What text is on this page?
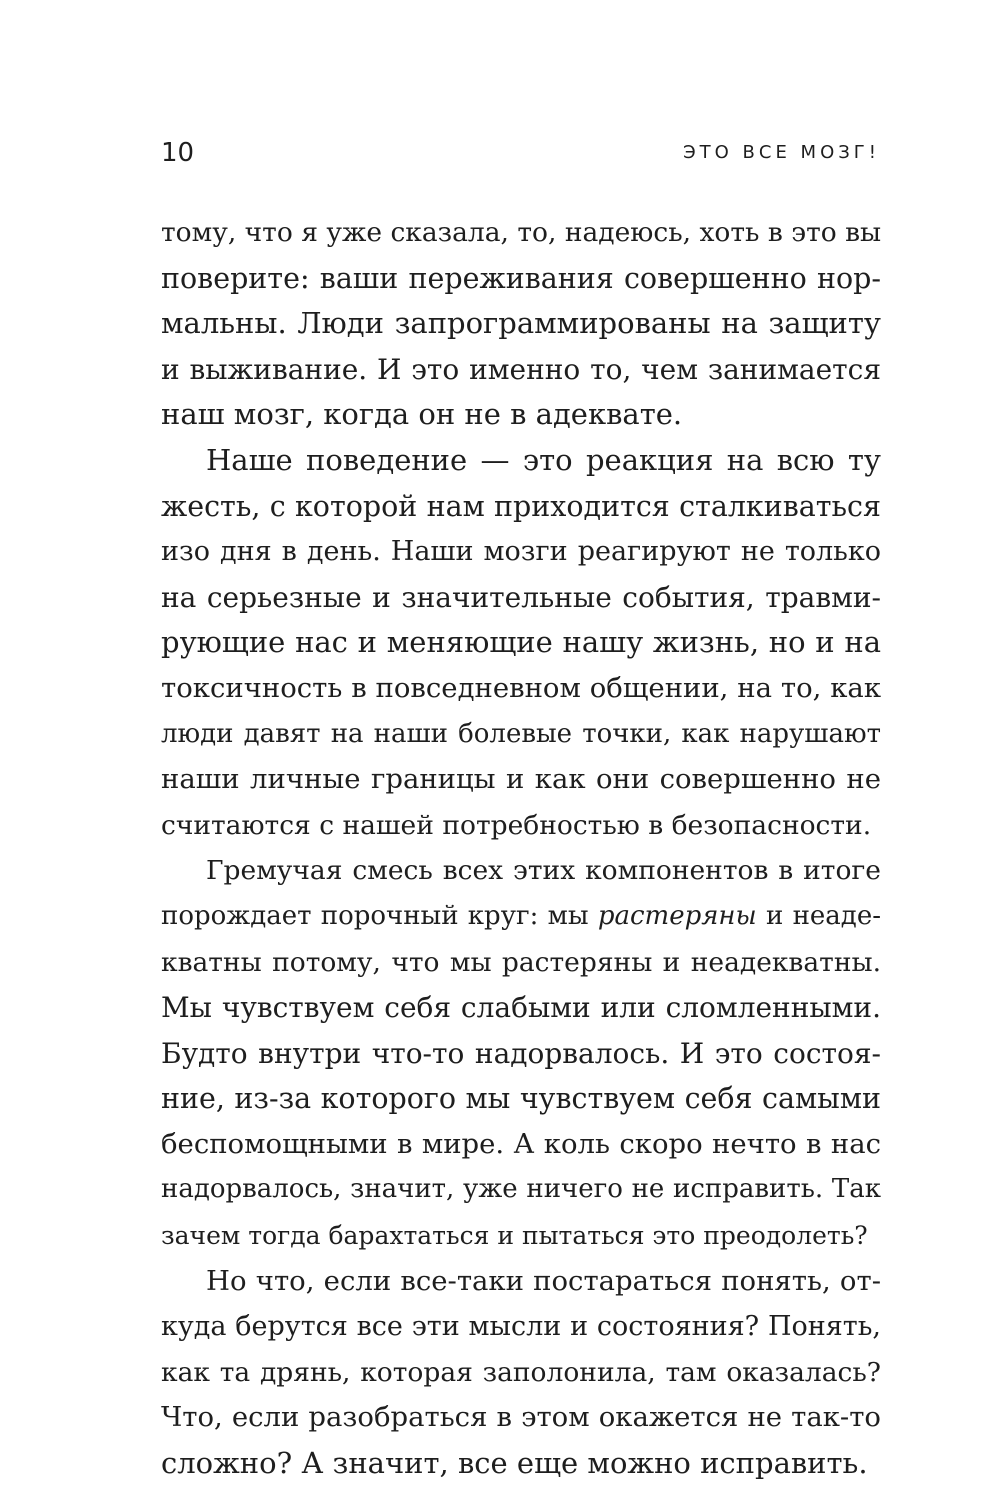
10	ЭТО ВСЕ МОЗГ!

тому, что я уже сказала, то, надеюсь, хоть в это вы

поверите: ваши переживания совершенно нор-

мальны. Люди запрограммированы на защиту

и выживание. И это именно то, чем занимается

наш мозг, когда он не в адеквате.

Наше поведение — это реакция на всю ту

жесть, с которой нам приходится сталкиваться

изо дня в день. Наши мозги реагируют не только

на серьезные и значительные события, травми-

рующие нас и меняющие нашу жизнь, но и на

токсичность в повседневном общении, на то, как

люди давят на наши болевые точки, как нарушают

наши личные границы и как они совершенно не

считаются с нашей потребностью в безопасности.

Гремучая смесь всех этих компонентов в итоге

порождает порочный круг: мы растеряны и неаде-

кватны потому, что мы растеряны и неадекватны.

Мы чувствуем себя слабыми или сломленными.

Будто внутри что-то надорвалось. И это состоя-

ние, из-за которого мы чувствуем себя самыми

беспомощными в мире. А коль скоро нечто в нас

надорвалось, значит, уже ничего не исправить. Так

зачем тогда барахтаться и пытаться это преодолеть?

Но что, если все-таки постараться понять, от-

куда берутся все эти мысли и состояния? Понять,

как та дрянь, которая заполонила, там оказалась?

Что, если разобраться в этом окажется не так-то

сложно? А значит, все еще можно исправить.
